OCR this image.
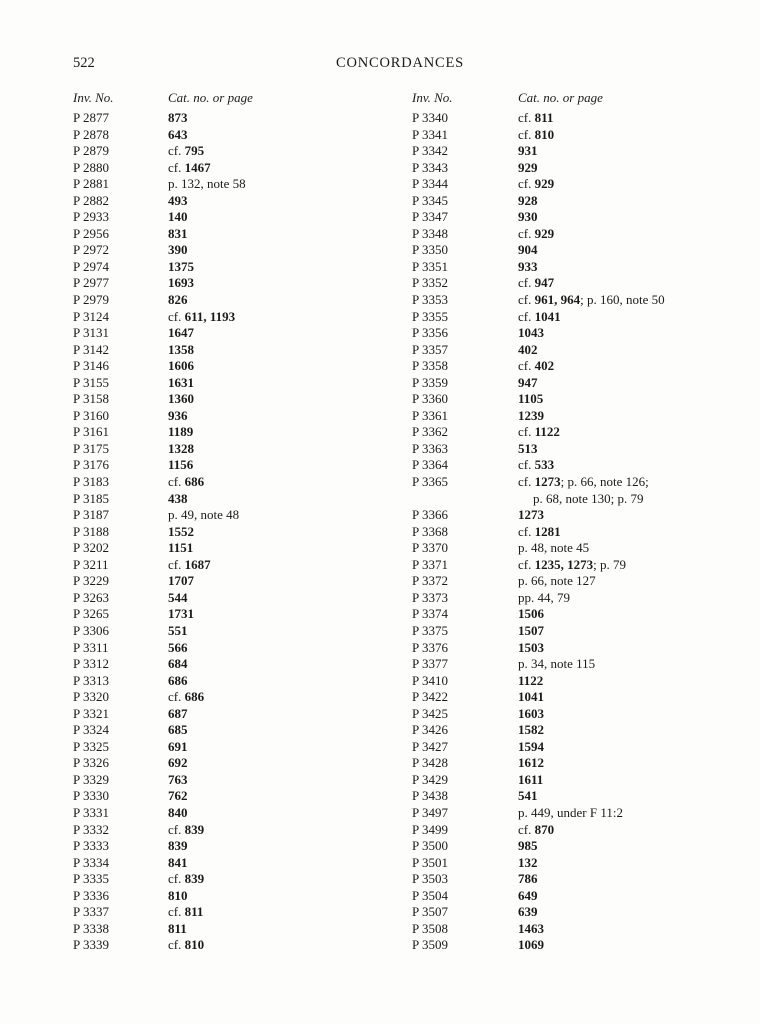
522	CONCORDANCES
Inv. No.	Cat. no. or page
P 2877	873
P 2878	643
P 2879	cf. 795
P 2880	cf. 1467
P 2881	p. 132, note 58
P 2882	493
P 2933	140
P 2956	831
P 2972	390
P 2974	1375
P 2977	1693
P 2979	826
P 3124	cf. 611, 1193
P 3131	1647
P 3142	1358
P 3146	1606
P 3155	1631
P 3158	1360
P 3160	936
P 3161	1189
P 3175	1328
P 3176	1156
P 3183	cf. 686
P 3185	438
P 3187	p. 49, note 48
P 3188	1552
P 3202	1151
P 3211	cf. 1687
P 3229	1707
P 3263	544
P 3265	1731
P 3306	551
P 3311	566
P 3312	684
P 3313	686
P 3320	cf. 686
P 3321	687
P 3324	685
P 3325	691
P 3326	692
P 3329	763
P 3330	762
P 3331	840
P 3332	cf. 839
P 3333	839
P 3334	841
P 3335	cf. 839
P 3336	810
P 3337	cf. 811
P 3338	811
P 3339	cf. 810
Inv. No.	Cat. no. or page
P 3340	cf. 811
P 3341	cf. 810
P 3342	931
P 3343	929
P 3344	cf. 929
P 3345	928
P 3347	930
P 3348	cf. 929
P 3350	904
P 3351	933
P 3352	cf. 947
P 3353	cf. 961, 964; p. 160, note 50
P 3355	cf. 1041
P 3356	1043
P 3357	402
P 3358	cf. 402
P 3359	947
P 3360	1105
P 3361	1239
P 3362	cf. 1122
P 3363	513
P 3364	cf. 533
P 3365	cf. 1273; p. 66, note 126;
p. 68, note 130; p. 79
P 3366	1273
P 3368	cf. 1281
P 3370	p. 48, note 45
P 3371	cf. 1235, 1273; p. 79
P 3372	p. 66, note 127
P 3373	pp. 44, 79
P 3374	1506
P 3375	1507
P 3376	1503
P 3377	p. 34, note 115
P 3410	1122
P 3422	1041
P 3425	1603
P 3426	1582
P 3427	1594
P 3428	1612
P 3429	1611
P 3438	541
P 3497	p. 449, under F 11:2
P 3499	cf. 870
P 3500	985
P 3501	132
P 3503	786
P 3504	649
P 3507	639
P 3508	1463
P 3509	1069
